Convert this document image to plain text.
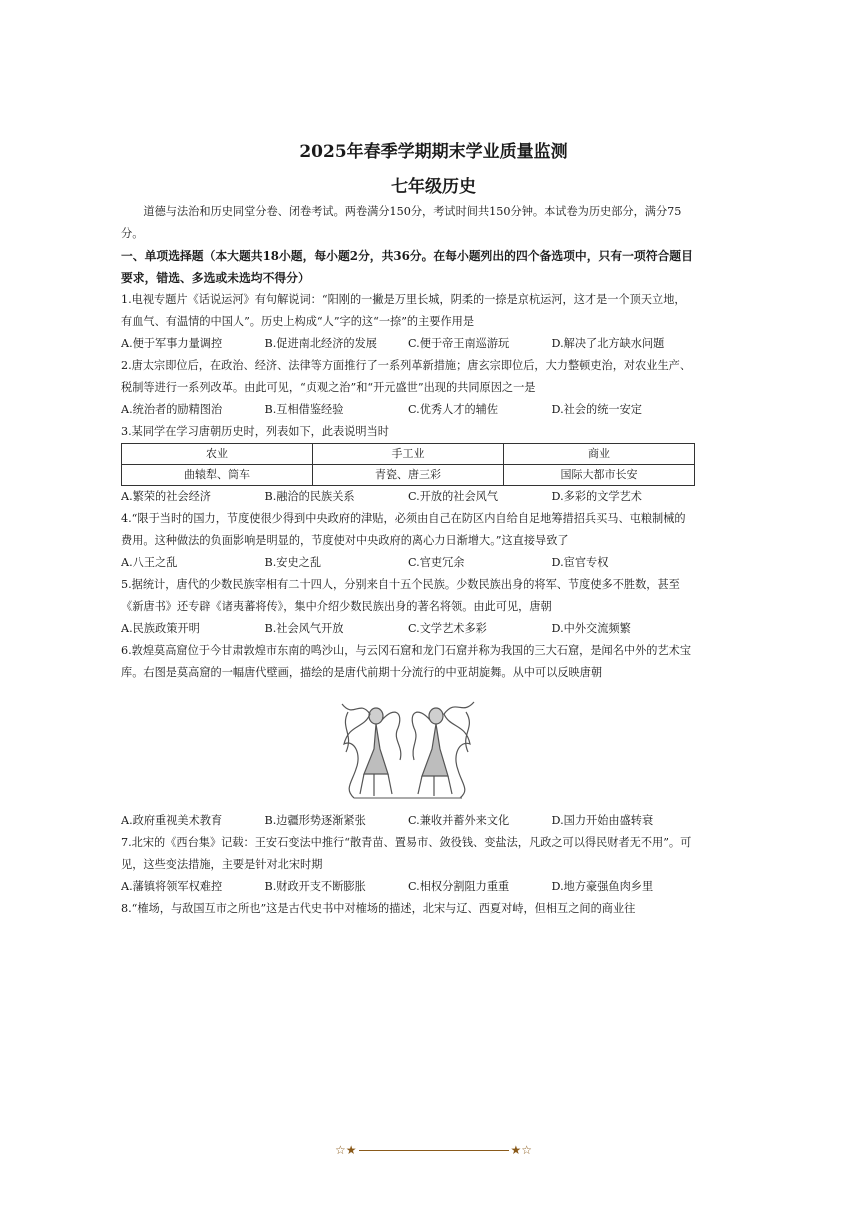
2025年春季学期期末学业质量监测
七年级历史

道德与法治和历史同堂分卷、闭卷考试。两卷满分150分，考试时间共150分钟。本试卷为历史部分，满分75分。

一、单项选择题（本大题共18小题，每小题2分，共36分。在每小题列出的四个备选项中，只有一项符合题目要求，错选、多选或未选均不得分）

1.电视专题片《话说运河》有句解说词：“阳刚的一撇是万里长城，阴柔的一捺是京杭运河，这才是一个顶天立地，有血气、有温情的中国人”。历史上构成“人”字的这“一捺”的主要作用是

A.便于军事力量调控	B.促进南北经济的发展	C.便于帝王南巡游玩	D.解决了北方缺水问题

2.唐太宗即位后，在政治、经济、法律等方面推行了一系列革新措施；唐玄宗即位后，大力整顿吏治，对农业生产、税制等进行一系列改革。由此可见，“贞观之治”和“开元盛世”出现的共同原因之一是

A.统治者的励精图治	B.互相借鉴经验	C.优秀人才的辅佐	D.社会的统一安定

3.某同学在学习唐朝历史时，列表如下，此表说明当时

农业	手工业	商业
曲辕犁、筒车	青瓷、唐三彩	国际大都市长安
A.繁荣的社会经济	B.融洽的民族关系	C.开放的社会风气	D.多彩的文学艺术

4.“限于当时的国力，节度使很少得到中央政府的津贴，必须由自己在防区内自给自足地筹措招兵买马、屯粮制械的费用。这种做法的负面影响是明显的，节度使对中央政府的离心力日渐增大。”这直接导致了

A.八王之乱	B.安史之乱	C.官吏冗余	D.宦官专权

5.据统计，唐代的少数民族宰相有二十四人，分别来自十五个民族。少数民族出身的将军、节度使多不胜数，甚至《新唐书》还专辟《诸夷蕃将传》，集中介绍少数民族出身的著名将领。由此可见，唐朝

A.民族政策开明	B.社会风气开放	C.文学艺术多彩	D.中外交流频繁

6.敦煌莫高窟位于今甘肃敦煌市东南的鸣沙山，与云冈石窟和龙门石窟并称为我国的三大石窟，是闻名中外的艺术宝库。右图是莫高窟的一幅唐代壁画，描绘的是唐代前期十分流行的中亚胡旋舞。从中可以反映唐朝

A.政府重视美术教育	B.边疆形势逐渐紧张	C.兼收并蓄外来文化	D.国力开始由盛转衰

7.北宋的《西台集》记载：王安石变法中推行“散青苗、置易市、敛役钱、变盐法，凡政之可以得民财者无不用”。可见，这些变法措施，主要是针对北宋时期

A.藩镇将领军权难控	B.财政开支不断膨胀	C.相权分割阻力重重	D.地方豪强鱼肉乡里

8.“榷场，与敌国互市之所也”这是古代史书中对榷场的描述，北宋与辽、西夏对峙，但相互之间的商业往

☆★	★☆
